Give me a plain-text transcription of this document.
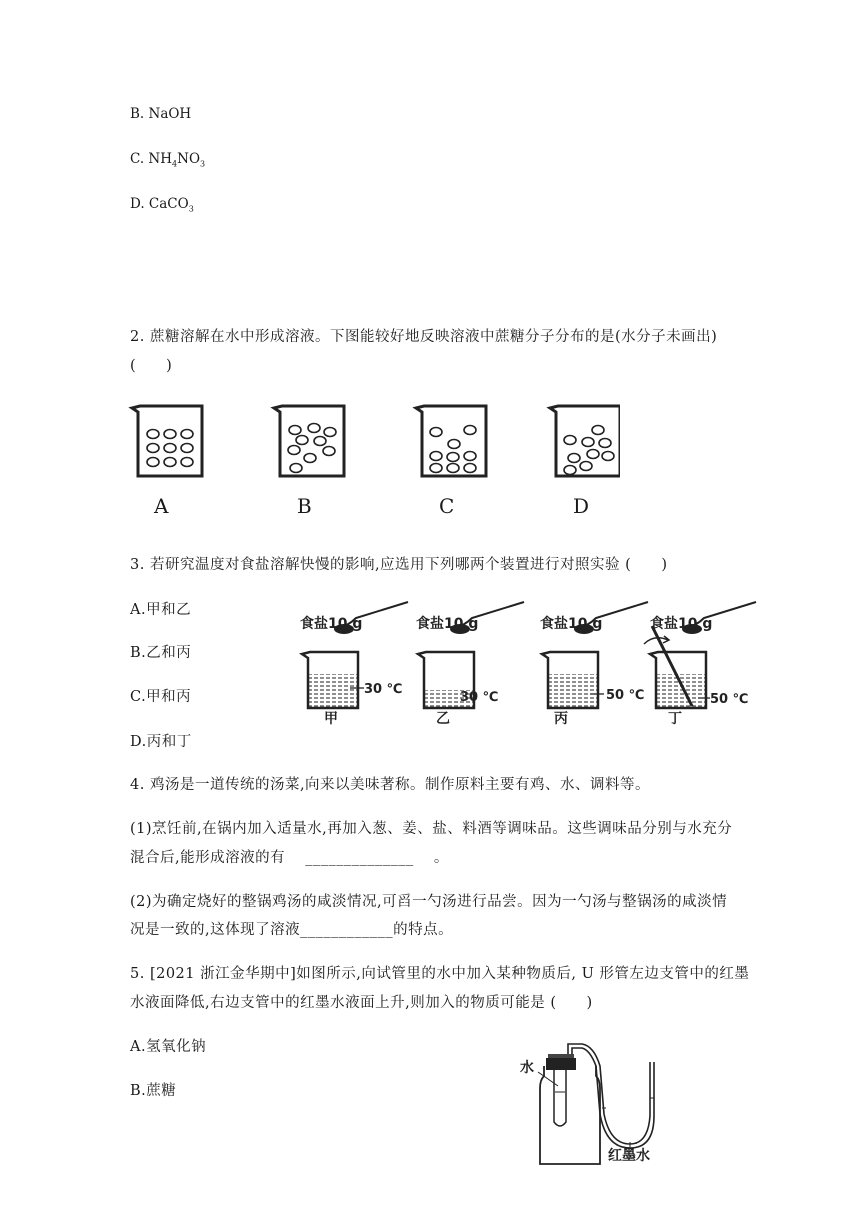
B. NaOH
C. $NH_4NO_3$
D. CaCO$_3$
2. 蔗糖溶解在水中形成溶液。下图能较好地反映溶液中蔗糖分子分布的是(水分子未画出)
(　　)
A	B	C	D
3. 若研究温度对食盐溶解快慢的影响,应选用下列哪两个装置进行对照实验 (　　)
A.甲和乙
B.乙和丙
C.甲和丙
D.丙和丁
食盐10 g
30 ℃
甲
食盐10 g
30 ℃
乙
食盐10 g
50 ℃
丙
食盐10 g
50 ℃
丁
4. 鸡汤是一道传统的汤菜,向来以美味著称。制作原料主要有鸡、水、调料等。
(1)烹饪前,在锅内加入适量水,再加入葱、姜、盐、料酒等调味品。这些调味品分别与水充分
混合后,能形成溶液的有　 ______________　 。
(2)为确定烧好的整锅鸡汤的咸淡情况,可舀一勺汤进行品尝。因为一勺汤与整锅汤的咸淡情
况是一致的,这体现了溶液____________的特点。
5. [2021 浙江金华期中]如图所示,向试管里的水中加入某种物质后, U 形管左边支管中的红墨
水液面降低,右边支管中的红墨水液面上升,则加入的物质可能是 (　　)
A.氢氧化钠
B.蔗糖
水
红墨水
